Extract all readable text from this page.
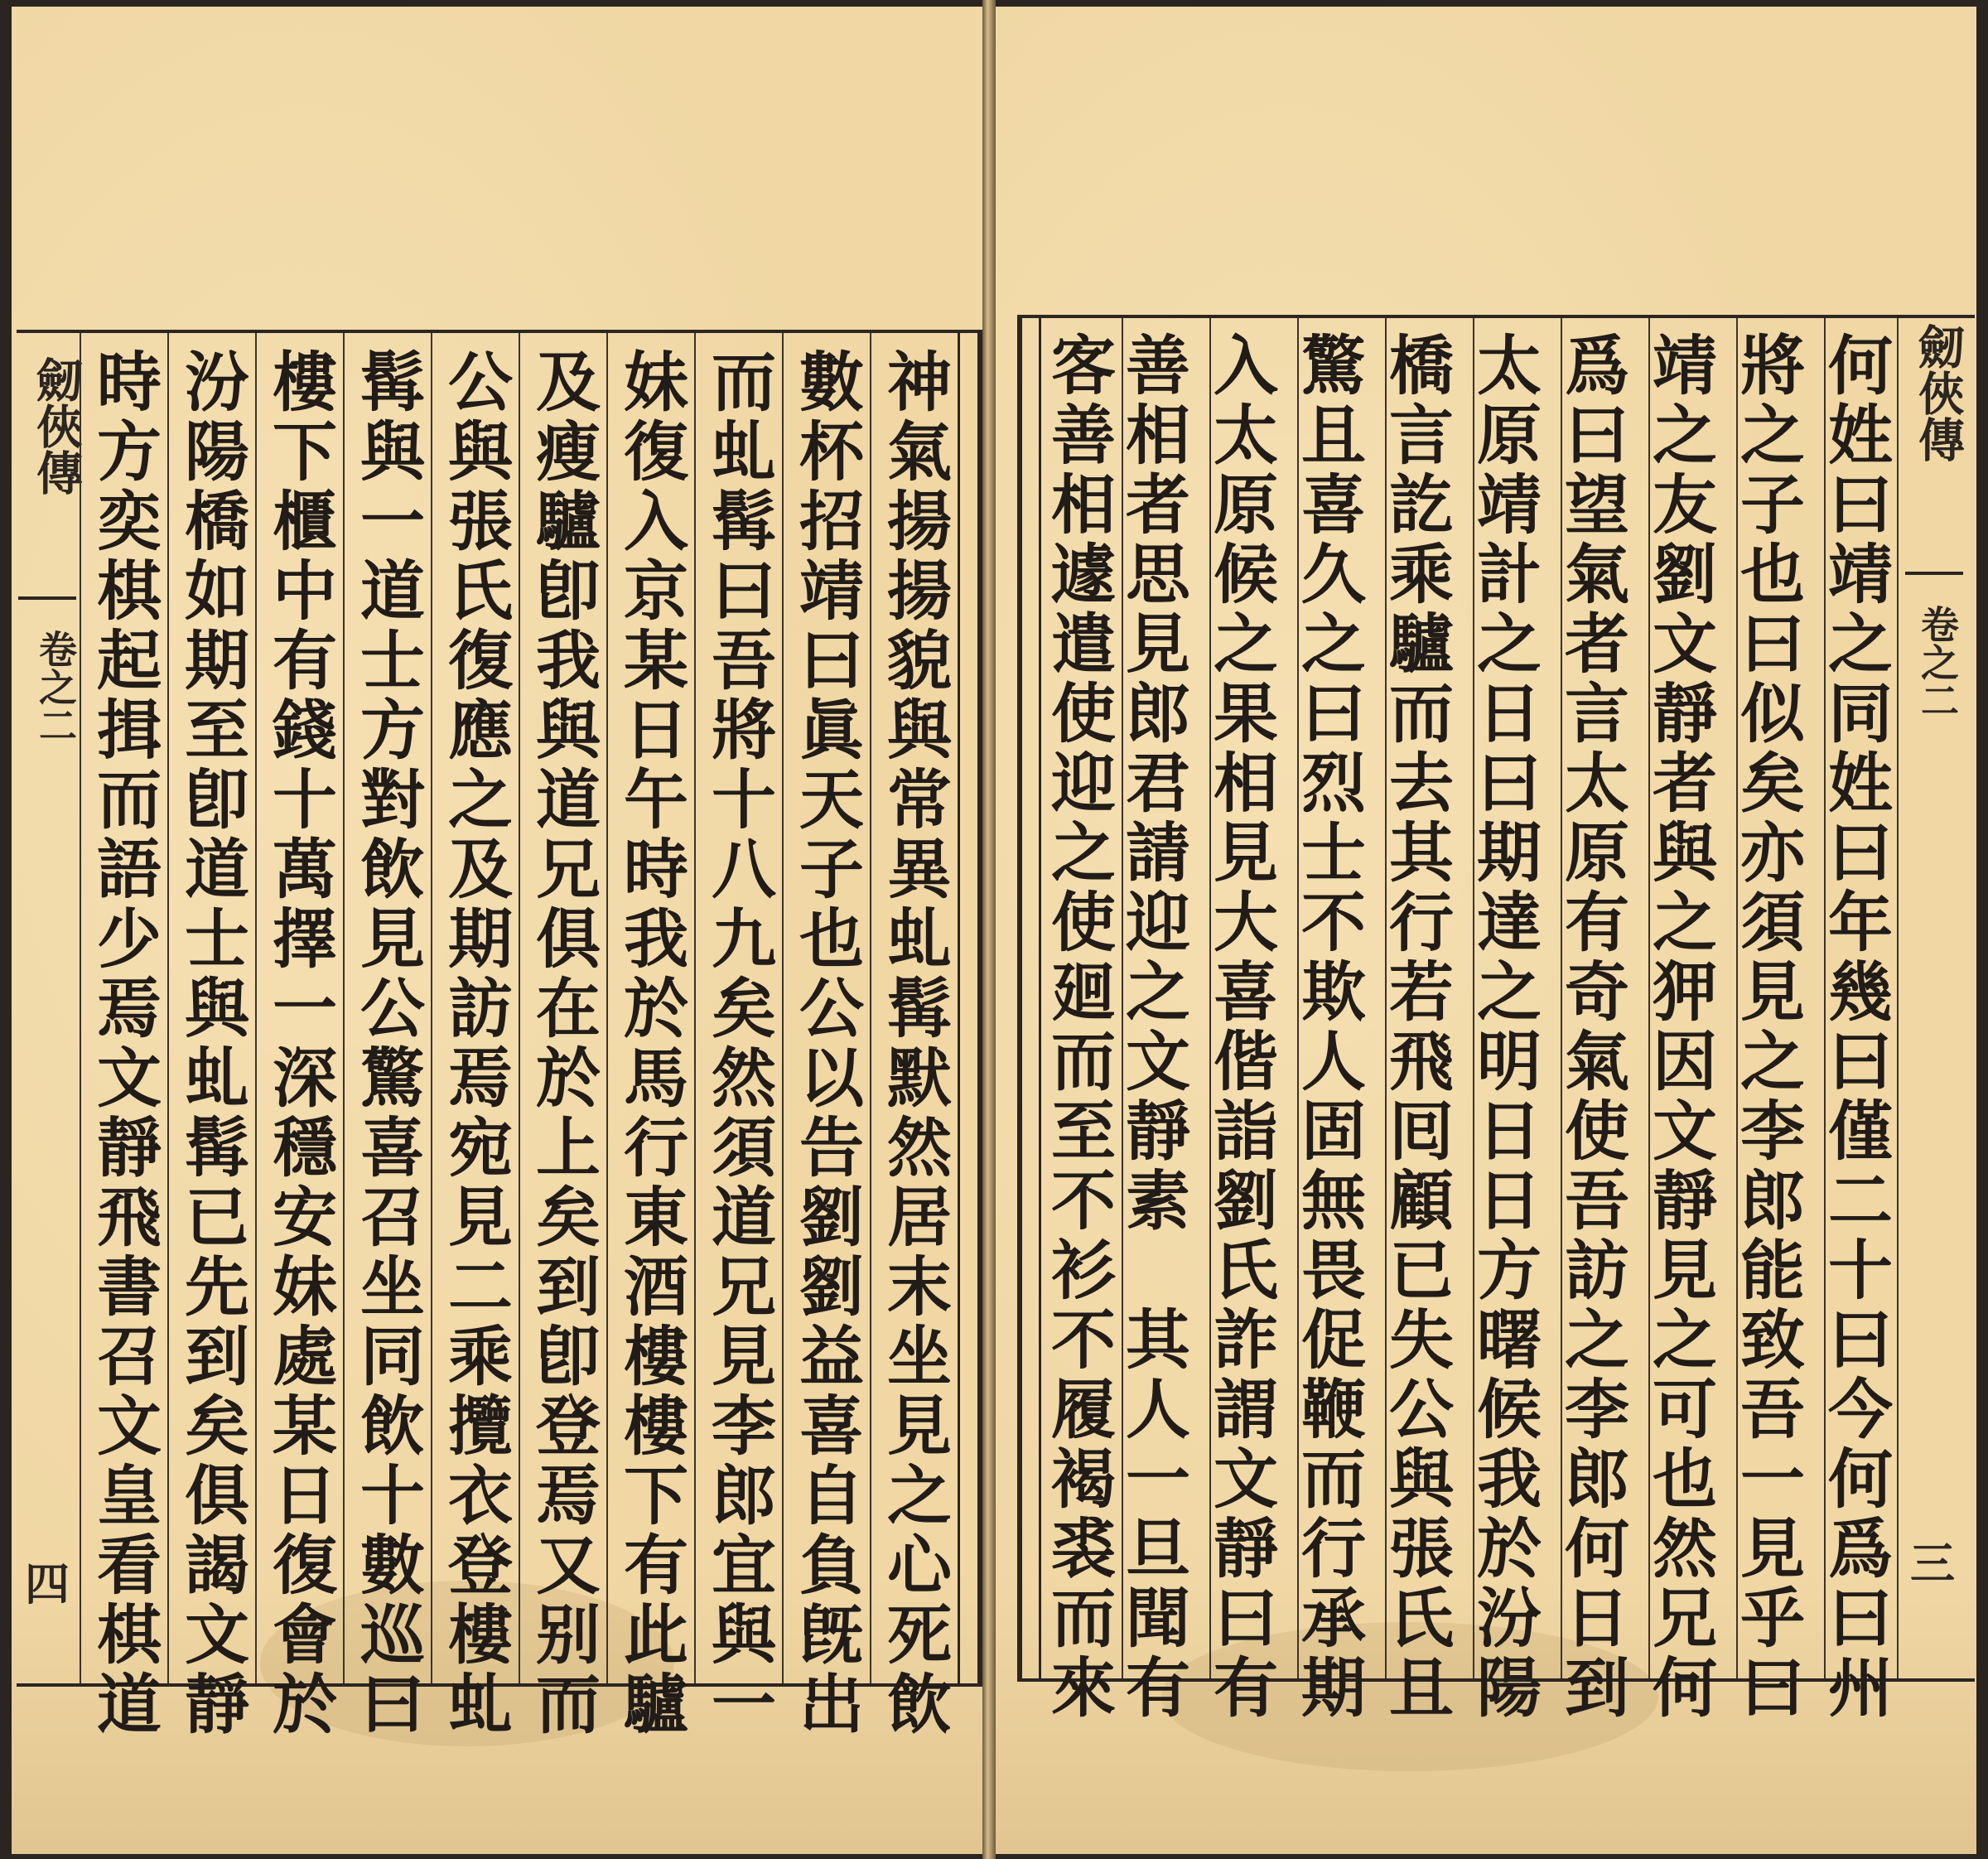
劒俠傳
卷之二
四	神氣揚揚貌與常異虬髯默然居末坐見之心死飲
數杯招靖曰眞天子也公以告劉劉益喜自負旣出
而虬髯曰吾將十八九矣然須道兄見李郎宜與一
妹復入京某日午時我於馬行東酒樓樓下有此驢
及瘦驢卽我與道兄俱在於上矣到卽登焉又别而
公與張氏復應之及期訪焉宛見二乘攬衣登樓虬
髯與一道士方對飲見公驚喜召坐同飲十數巡曰
樓下櫃中有錢十萬擇一深穩安妹處某日復會於
汾陽橋如期至卽道士與虬髯已先到矣俱謁文靜
時方奕棋起揖而語少焉文靜飛書召文皇看棋道	劒俠傳
卷之二
三
何姓曰靖之同姓曰年幾曰僅二十曰今何爲曰州
將之子也曰似矣亦須見之李郎能致吾一見乎曰
靖之友劉文靜者與之狎因文靜見之可也然兄何
爲曰望氣者言太原有奇氣使吾訪之李郎何日到
太原靖計之日曰期達之明日日方曙候我於汾陽
橋言訖乘驢而去其行若飛囘顧已失公與張氏且
驚且喜久之曰烈士不欺人固無畏促鞭而行承期
入太原候之果相見大喜偕詣劉氏詐謂文靜曰有
善相者思見郎君請迎之文靜素　其人一旦聞有
客善相遽遣使迎之使廻而至不衫不履褐裘而來
